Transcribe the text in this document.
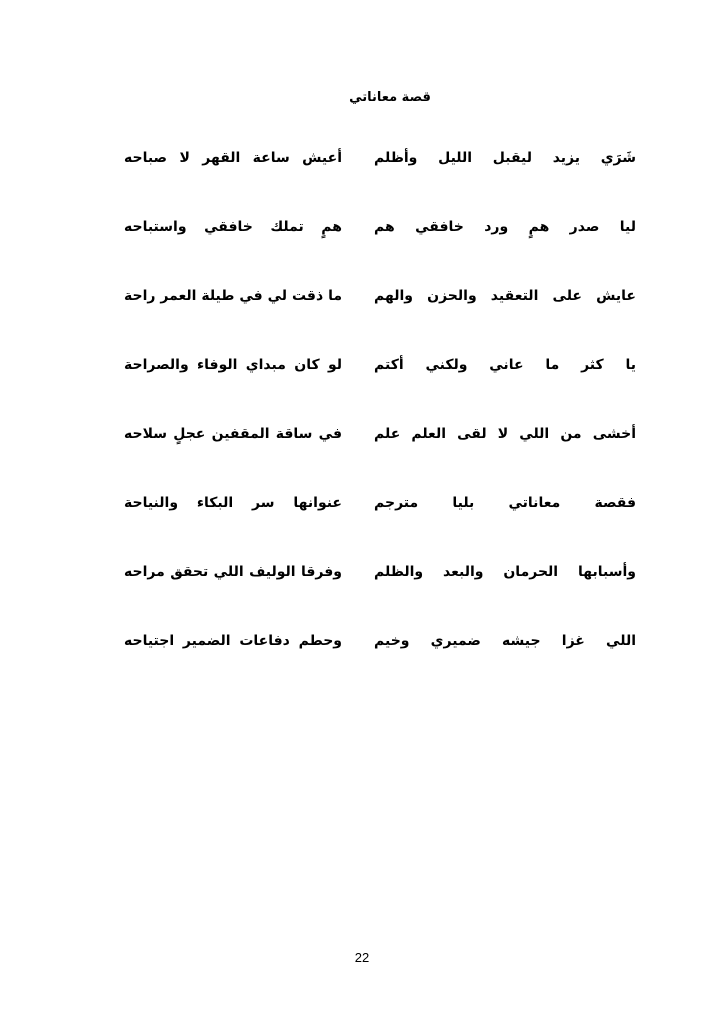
قصة معاناتي
شَرَي يزيد ليقبل الليل وأظلم
أعيش ساعة القهر لا صباحه
ليا صدر همٍ ورد خافقي هم
همٍ تملك خافقي واستباحه
عايش على التعقيد والحزن والهم
ما ذقت لي في طيلة العمر راحة
يا كثر ما عاني ولكني أكتم
لو كان مبداي الوفاء والصراحة
أخشى من اللي لا لقى العلم علم
في ساقة المقفين عجلٍ سلاحه
فقصة معاناتي بليا مترجم
عنوانها سر البكاء والنياحة
وأسبابها الحرمان والبعد والظلم
وفرقا الوليف اللي تحقق مراحه
اللي غزا جيشه ضميري وخيم
وحطم دفاعات الضمير اجتياحه
22
